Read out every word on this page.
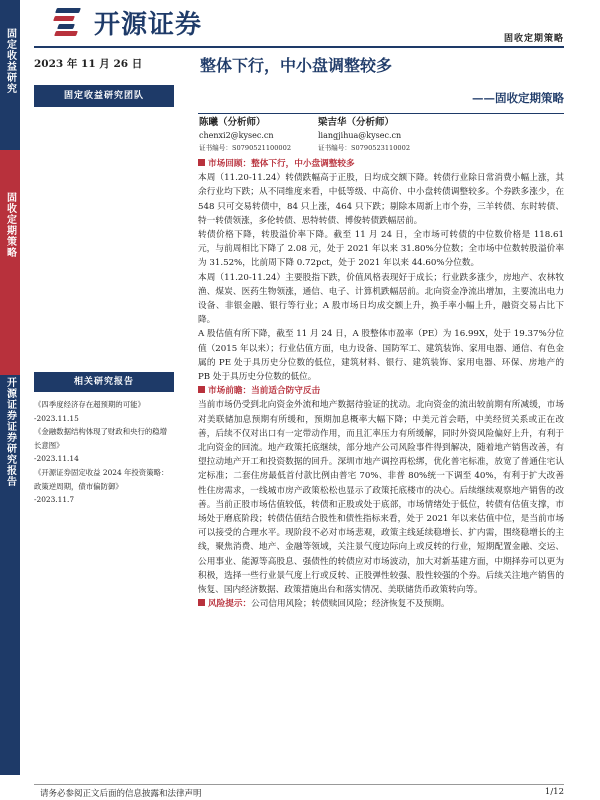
开源证券	固收定期策略
固定收益研究
固收定期策略
开源证券证券研究报告
2023 年 11 月 26 日
固定收益研究团队
相关研究报告
《四季度经济存在超预期的可能》
-2023.11.15
《金融数据结构体现了财政和央行的稳增长意图》
-2023.11.14
《开源证券固定收益 2024 年投资策略：政策逆周期，债市偏防御》
-2023.11.7
整体下行，中小盘调整较多
——固收定期策略
陈曦（分析师）
chenxi2@kysec.cn
证书编号：S0790521100002
梁吉华（分析师）
liangjihua@kysec.cn
证书编号：S0790523110002

市场回顾：整体下行，中小盘调整较多

本周（11.20-11.24）转债跌幅高于正股，日均成交额下降。转债行业除日常消费小幅上涨，其余行业均下跌；从不同维度来看，中低等级、中高价、中小盘转债调整较多。个券跌多涨少，在 548 只可交易转债中，84 只上涨，464 只下跌；剔除本周新上市个券，三羊转债、东时转债、特一转债领涨，多伦转债、思特转债、博俊转债跌幅居前。

转债价格下降，转股溢价率下降。截至 11 月 24 日，全市场可转债的中位数价格是 118.61 元，与前周相比下降了 2.08 元，处于 2021 年以来 31.80%分位数；全市场中位数转股溢价率为 31.52%，比前周下降 0.72pct，处于 2021 年以来 44.60%分位数。

本周（11.20-11.24）主要股指下跌，价值风格表现好于成长；行业跌多涨少，房地产、农林牧渔、煤炭、医药生物领涨，通信、电子、计算机跌幅居前。北向资金净流出增加，主要流出电力设备、非银金融、银行等行业；A 股市场日均成交额上升，换手率小幅上升，融资交易占比下降。

A 股估值有所下降，截至 11 月 24 日，A 股整体市盈率（PE）为 16.99X，处于 19.37%分位值（2015 年以来）；行业估值方面，电力设备、国防军工、建筑装饰、家用电器、通信、有色金属的 PE 处于具历史分位数的低位，建筑材料、银行、建筑装饰、家用电器、环保、房地产的 PB 处于具历史分位数的低位。

市场前瞻：当前适合防守反击

当前市场仍受到北向资金外流和地产数据待验证的扰动。北向资金的流出较前期有所减缓，市场对美联储加息预期有所缓和，预期加息概率大幅下降；中美元首会晤，中美经贸关系或正在改善，后续不仅对出口有一定带动作用，而且汇率压力有所缓解，同时外资风险偏好上升，有利于北向资金的回流。地产政策托底继续，部分地产公司风险事件得到解决，随着地产销售改善，有望拉动地产开工和投资数据的回升。深圳市地产调控再松绑，优化普宅标准，放宽了普通住宅认定标准；二套住房最低首付款比例由普宅 70%、非普 80%统一下调至 40%，有利于扩大改善性住房需求，一线城市房产政策松松也显示了政策托底楼市的决心。后续继续观察地产销售的改善。当前正股市场估值较低，转债和正股或处于底部，市场情绪处于低位，转债有估值支撑，市场处于磨底阶段；转债估值结合股性和债性指标来看，处于 2021 年以来估值中位，是当前市场可以接受的合理水平。现阶段不必对市场悲观，政策主线延续稳增长、扩内需，围绕稳增长的主线，聚焦消费、地产、金融等领域，关注景气度边际向上或反转的行业，短期配置金融、交运、公用事业、能源等高股息、强债性的转债应对市场波动，加大对新基建方面，中期择券可以更为积极，选择一些行业景气度上行或反转、正股弹性较强、股性较强的个券。后续关注地产销售的恢复、国内经济数据、政策措施出台和落实情况、美联储货币政策转向等。

风险提示：公司信用风险；转债赎回风险；经济恢复不及预期。

请务必参阅正文后面的信息披露和法律声明	1/12
